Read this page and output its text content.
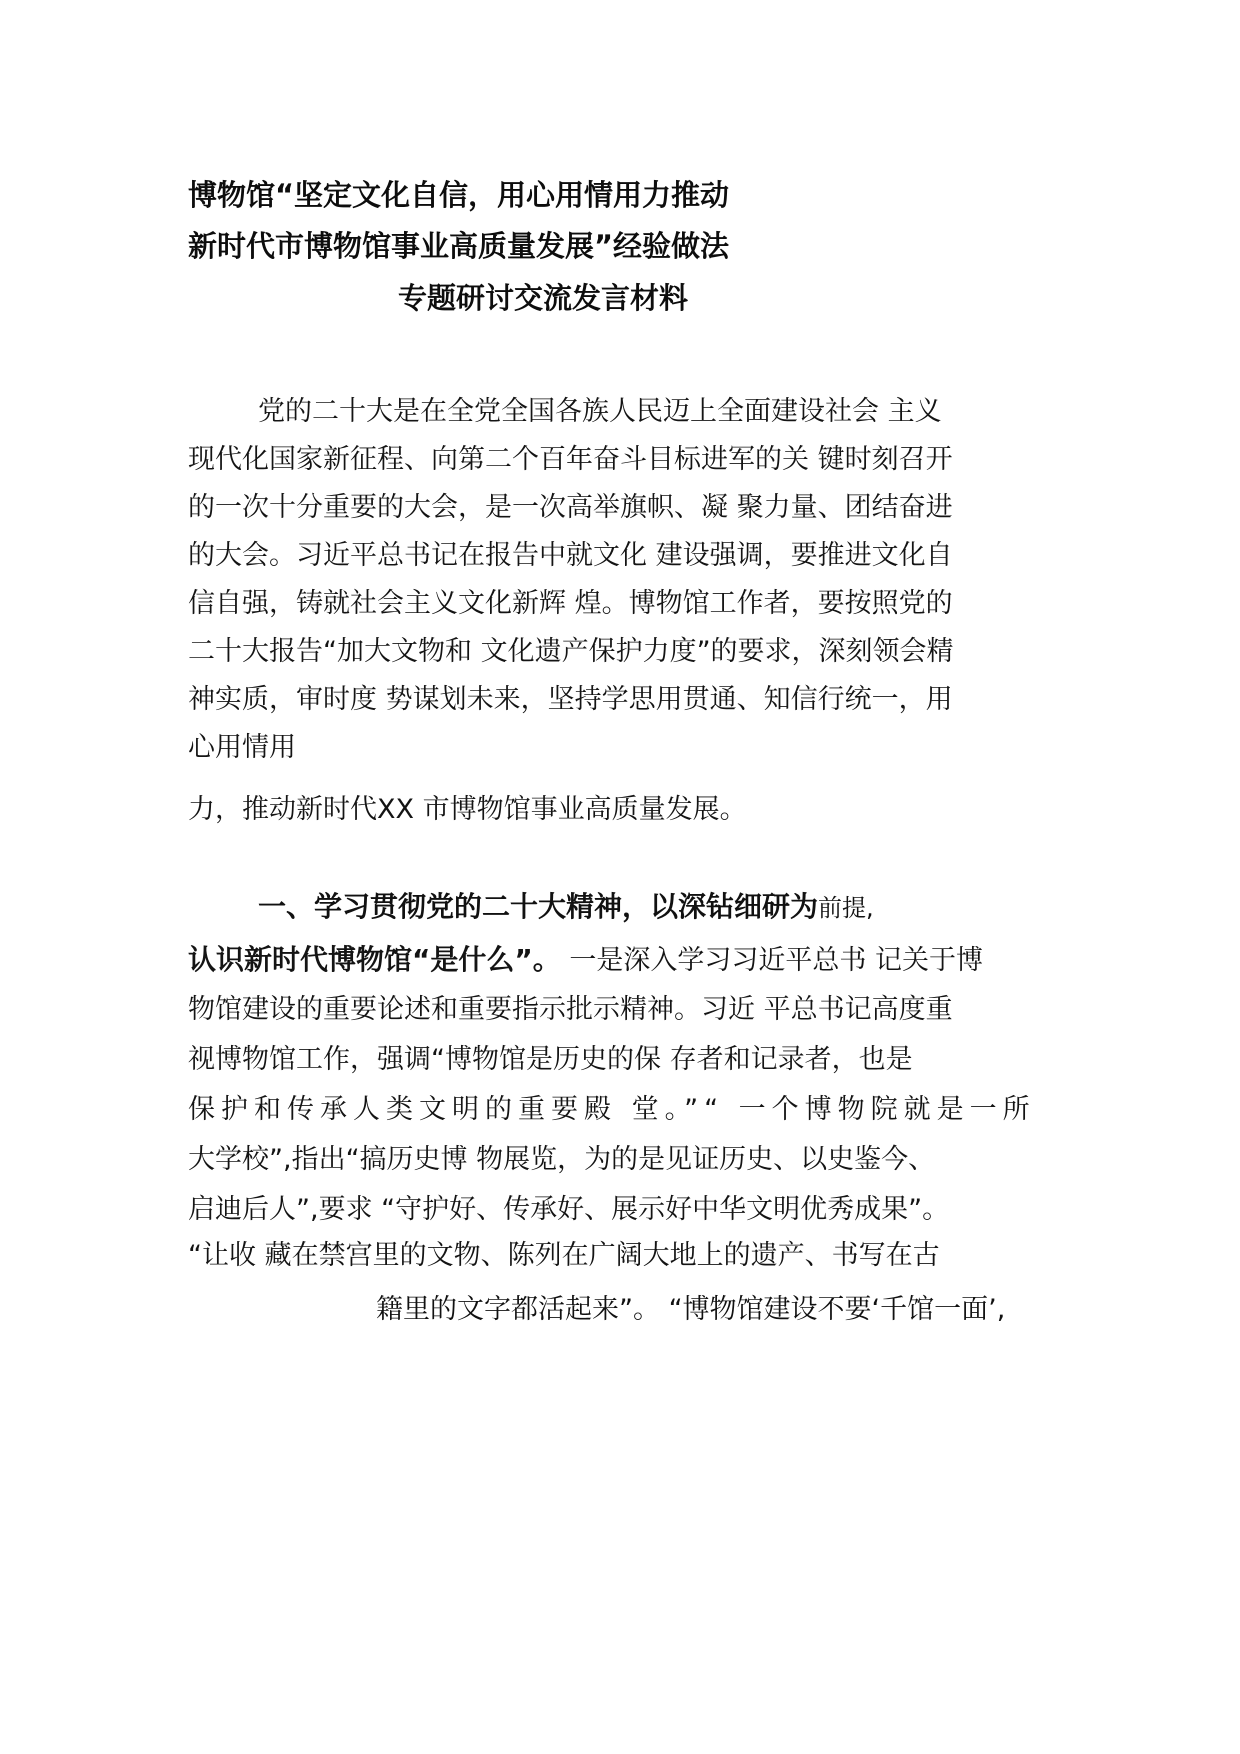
博物馆“坚定文化自信，用心用情用力推动
新时代市博物馆事业高质量发展”经验做法
专题研讨交流发言材料
党的二十大是在全党全国各族人民迈上全面建设社会 主义
现代化国家新征程、向第二个百年奋斗目标进军的关 键时刻召开
的一次十分重要的大会，是一次高举旗帜、凝 聚力量、团结奋进
的大会。习近平总书记在报告中就文化 建设强调，要推进文化自
信自强，铸就社会主义文化新辉 煌。博物馆工作者，要按照党的
二十大报告“加大文物和 文化遗产保护力度”的要求，深刻领会精
神实质，审时度 势谋划未来，坚持学思用贯通、知信行统一，用
心用情用
力，推动新时代XX 市博物馆事业高质量发展。
一、学习贯彻党的二十大精神，以深钻细研为前提,
认识新时代博物馆“是什么”。 一是深入学习习近平总书 记关于博
物馆建设的重要论述和重要指示批示精神。习近 平总书记高度重
视博物馆工作，强调“博物馆是历史的保 存者和记录者，也是
保护和传承人类文明的重要殿 堂。”“ 一个博物院就是一所
大学校”,指出“搞历史博 物展览，为的是见证历史、以史鉴今、
启迪后人”,要求 “守护好、传承好、展示好中华文明优秀成果”。
“让收 藏在禁宫里的文物、陈列在广阔大地上的遗产、书写在古
籍里的文字都活起来”。 “博物馆建设不要‘千馆一面’,
